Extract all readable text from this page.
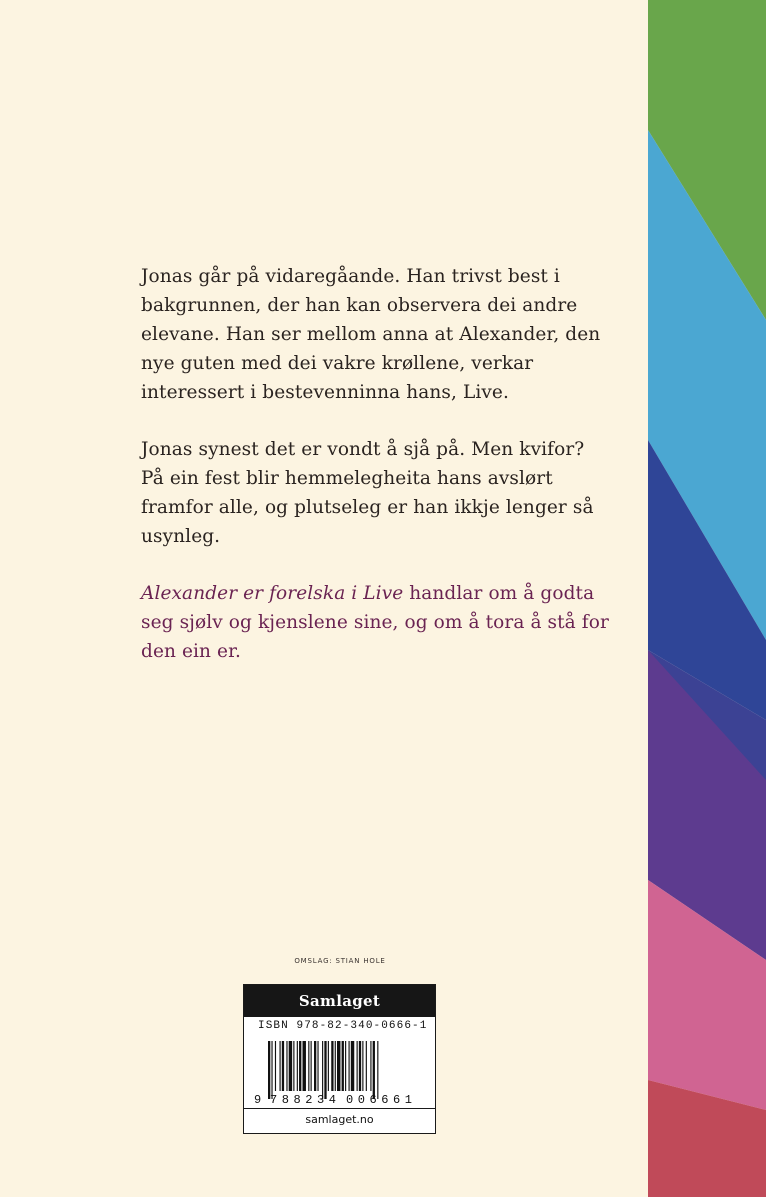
Jonas går på vidaregåande. Han trivst best i bakgrunnen, der han kan observera dei andre elevane. Han ser mellom anna at Alexander, den nye guten med dei vakre krøllene, verkar interessert i bestevenninna hans, Live.

Jonas synest det er vondt å sjå på. Men kvifor? På ein fest blir hemmelegheita hans avslørt framfor alle, og plutseleg er han ikkje lenger så usynleg.

Alexander er forelska i Live handlar om å godta seg sjølv og kjenslene sine, og om å tora å stå for den ein er.

OMSLAG: STIAN HOLE
Samlaget
ISBN 978-82-340-0666-1
9 788234 006661
samlaget.no
